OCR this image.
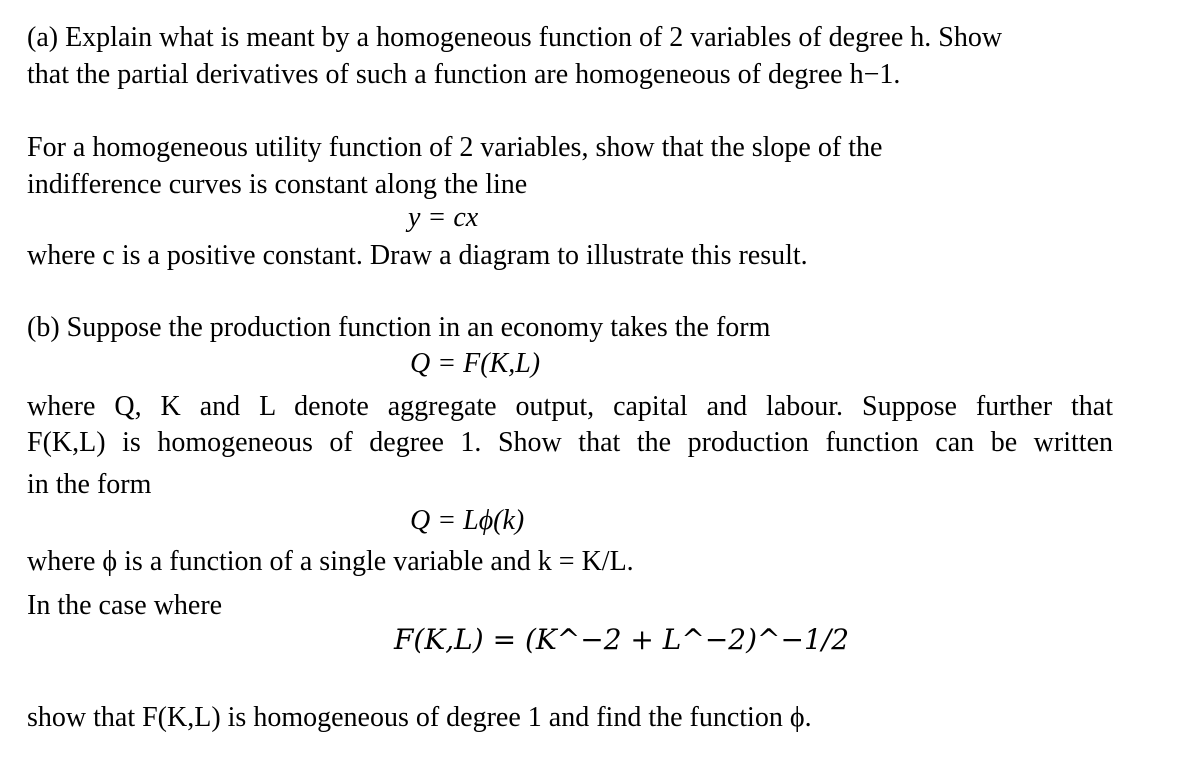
(a) Explain what is meant by a homogeneous function of 2 variables of degree h. Show
that the partial derivatives of such a function are homogeneous of degree h−1.
For a homogeneous utility function of 2 variables, show that the slope of the
indifference curves is constant along the line
y = cx
where c is a positive constant. Draw a diagram to illustrate this result.
(b) Suppose the production function in an economy takes the form
Q = F(K,L)
where Q, K and L denote aggregate output, capital and labour. Suppose further that
F(K,L) is homogeneous of degree 1. Show that the production function can be written
in the form
Q = Lϕ(k)
where ϕ is a function of a single variable and k = K/L.
In the case where
F(K,L) = (K^−2 + L^−2)^−1/2
show that F(K,L) is homogeneous of degree 1 and find the function ϕ.
